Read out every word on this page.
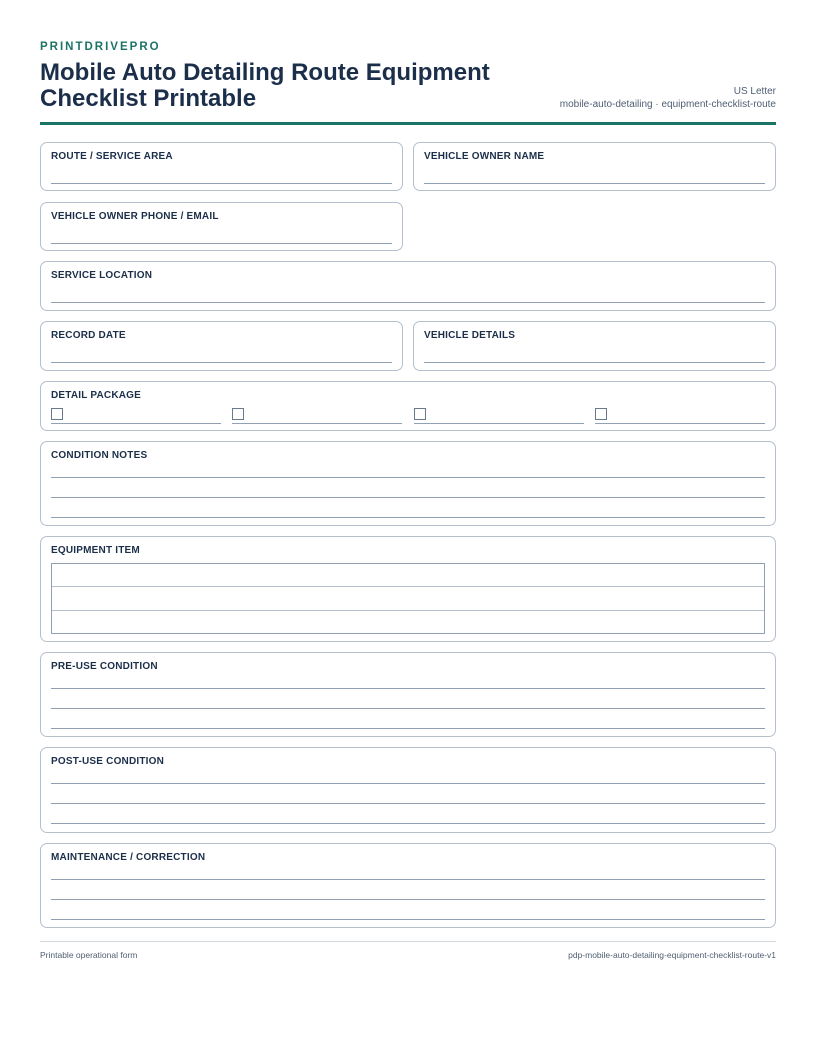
PRINTDRIVEPRO
Mobile Auto Detailing Route Equipment Checklist Printable	US Letter
mobile-auto-detailing · equipment-checklist-route
ROUTE / SERVICE AREA	VEHICLE OWNER NAME
VEHICLE OWNER PHONE / EMAIL
SERVICE LOCATION
RECORD DATE	VEHICLE DETAILS
DETAIL PACKAGE
CONDITION NOTES
EQUIPMENT ITEM
PRE-USE CONDITION
POST-USE CONDITION
MAINTENANCE / CORRECTION
Printable operational form	pdp-mobile-auto-detailing-equipment-checklist-route-v1
